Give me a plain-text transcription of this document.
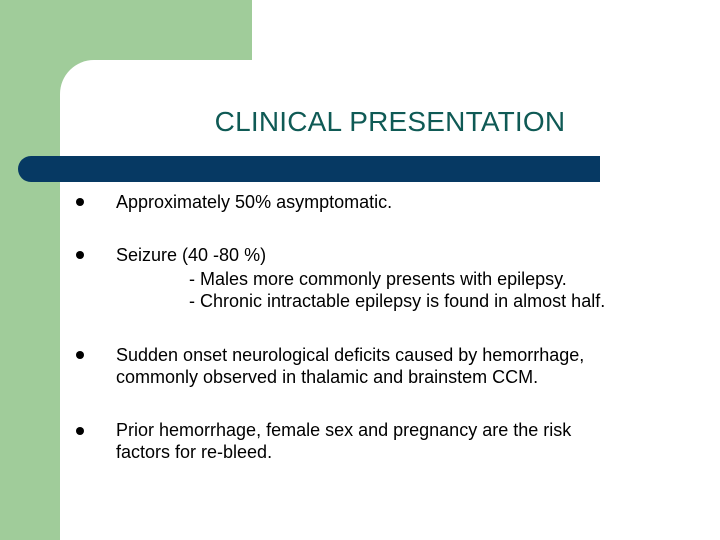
CLINICAL PRESENTATION

Approximately 50% asymptomatic.

Seizure (40 -80 %)

- Males more commonly presents with epilepsy.

- Chronic intractable epilepsy is found in almost half.

Sudden onset neurological deficits caused by hemorrhage,

commonly observed in thalamic and brainstem CCM.

Prior hemorrhage, female sex and pregnancy are the risk

factors for re-bleed.
